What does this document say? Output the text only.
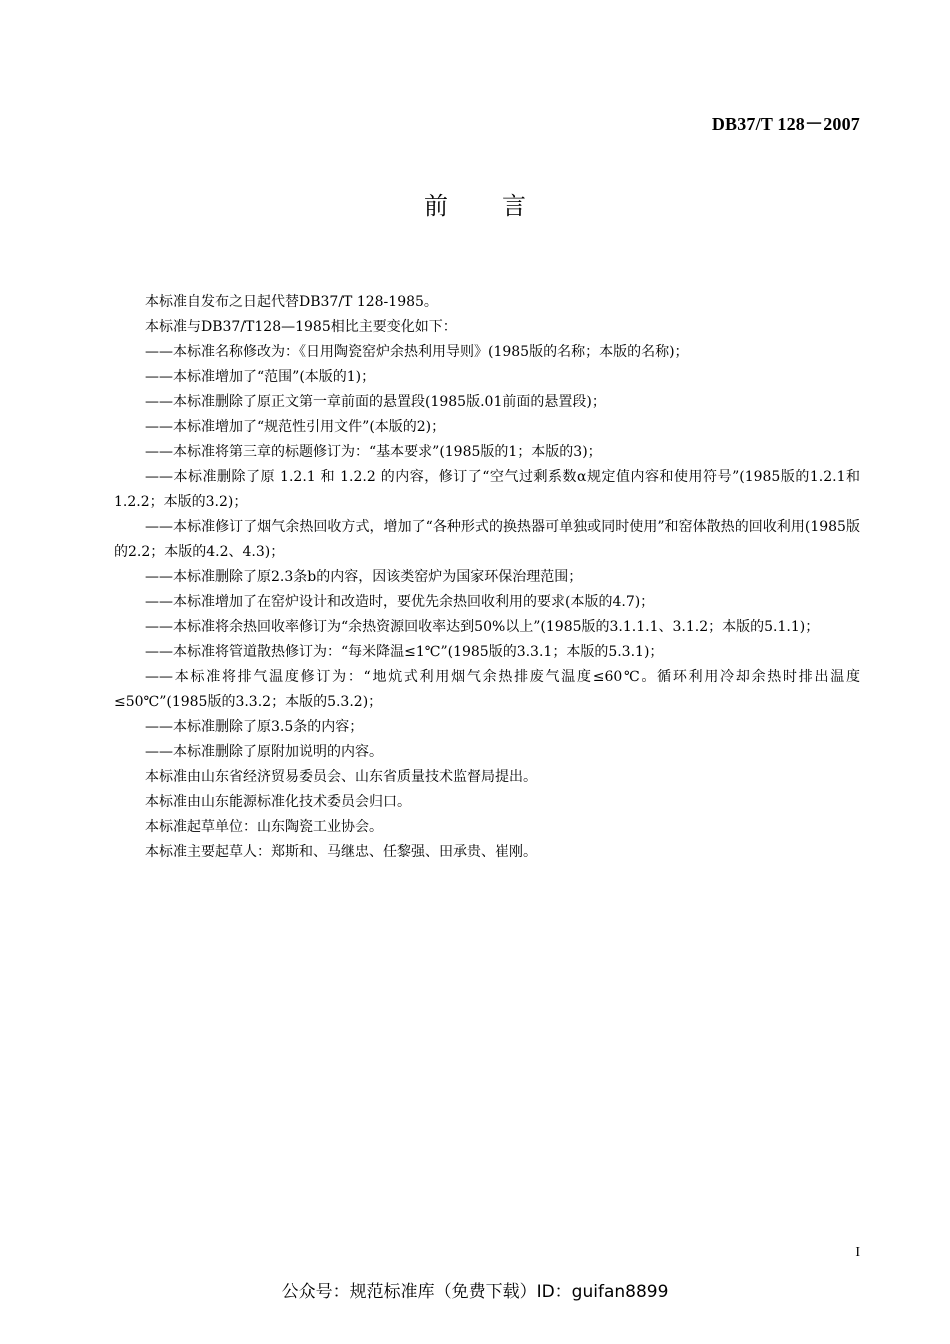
DB37/T 128－2007
前言

本标准自发布之日起代替DB37/T 128-1985。

本标准与DB37/T128—1985相比主要变化如下：

——本标准名称修改为：《日用陶瓷窑炉余热利用导则》(1985版的名称；本版的名称)；

——本标准增加了“范围”(本版的1)；

——本标准删除了原正文第一章前面的悬置段(1985版.01前面的悬置段)；

——本标准增加了“规范性引用文件”(本版的2)；

——本标准将第三章的标题修订为：“基本要求”(1985版的1；本版的3)；

——本标准删除了原 1.2.1 和 1.2.2 的内容，修订了“空气过剩系数α规定值内容和使用符号”(1985版的1.2.1和1.2.2；本版的3.2)；

——本标准修订了烟气余热回收方式，增加了“各种形式的换热器可单独或同时使用”和窑体散热的回收利用(1985版的2.2；本版的4.2、4.3)；

——本标准删除了原2.3条b的内容，因该类窑炉为国家环保治理范围；

——本标准增加了在窑炉设计和改造时，要优先余热回收利用的要求(本版的4.7)；

——本标准将余热回收率修订为“余热资源回收率达到50%以上”(1985版的3.1.1.1、3.1.2；本版的5.1.1)；

——本标准将管道散热修订为：“每米降温≤1℃”(1985版的3.3.1；本版的5.3.1)；

——本标准将排气温度修订为：“地炕式利用烟气余热排废气温度≤60℃。循环利用冷却余热时排出温度≤50℃”(1985版的3.3.2；本版的5.3.2)；

——本标准删除了原3.5条的内容；

——本标准删除了原附加说明的内容。

本标准由山东省经济贸易委员会、山东省质量技术监督局提出。

本标准由山东能源标准化技术委员会归口。

本标准起草单位：山东陶瓷工业协会。

本标准主要起草人：郑斯和、马继忠、任黎强、田承贵、崔刚。

I
公众号：规范标准库（免费下载）ID：guifan8899
